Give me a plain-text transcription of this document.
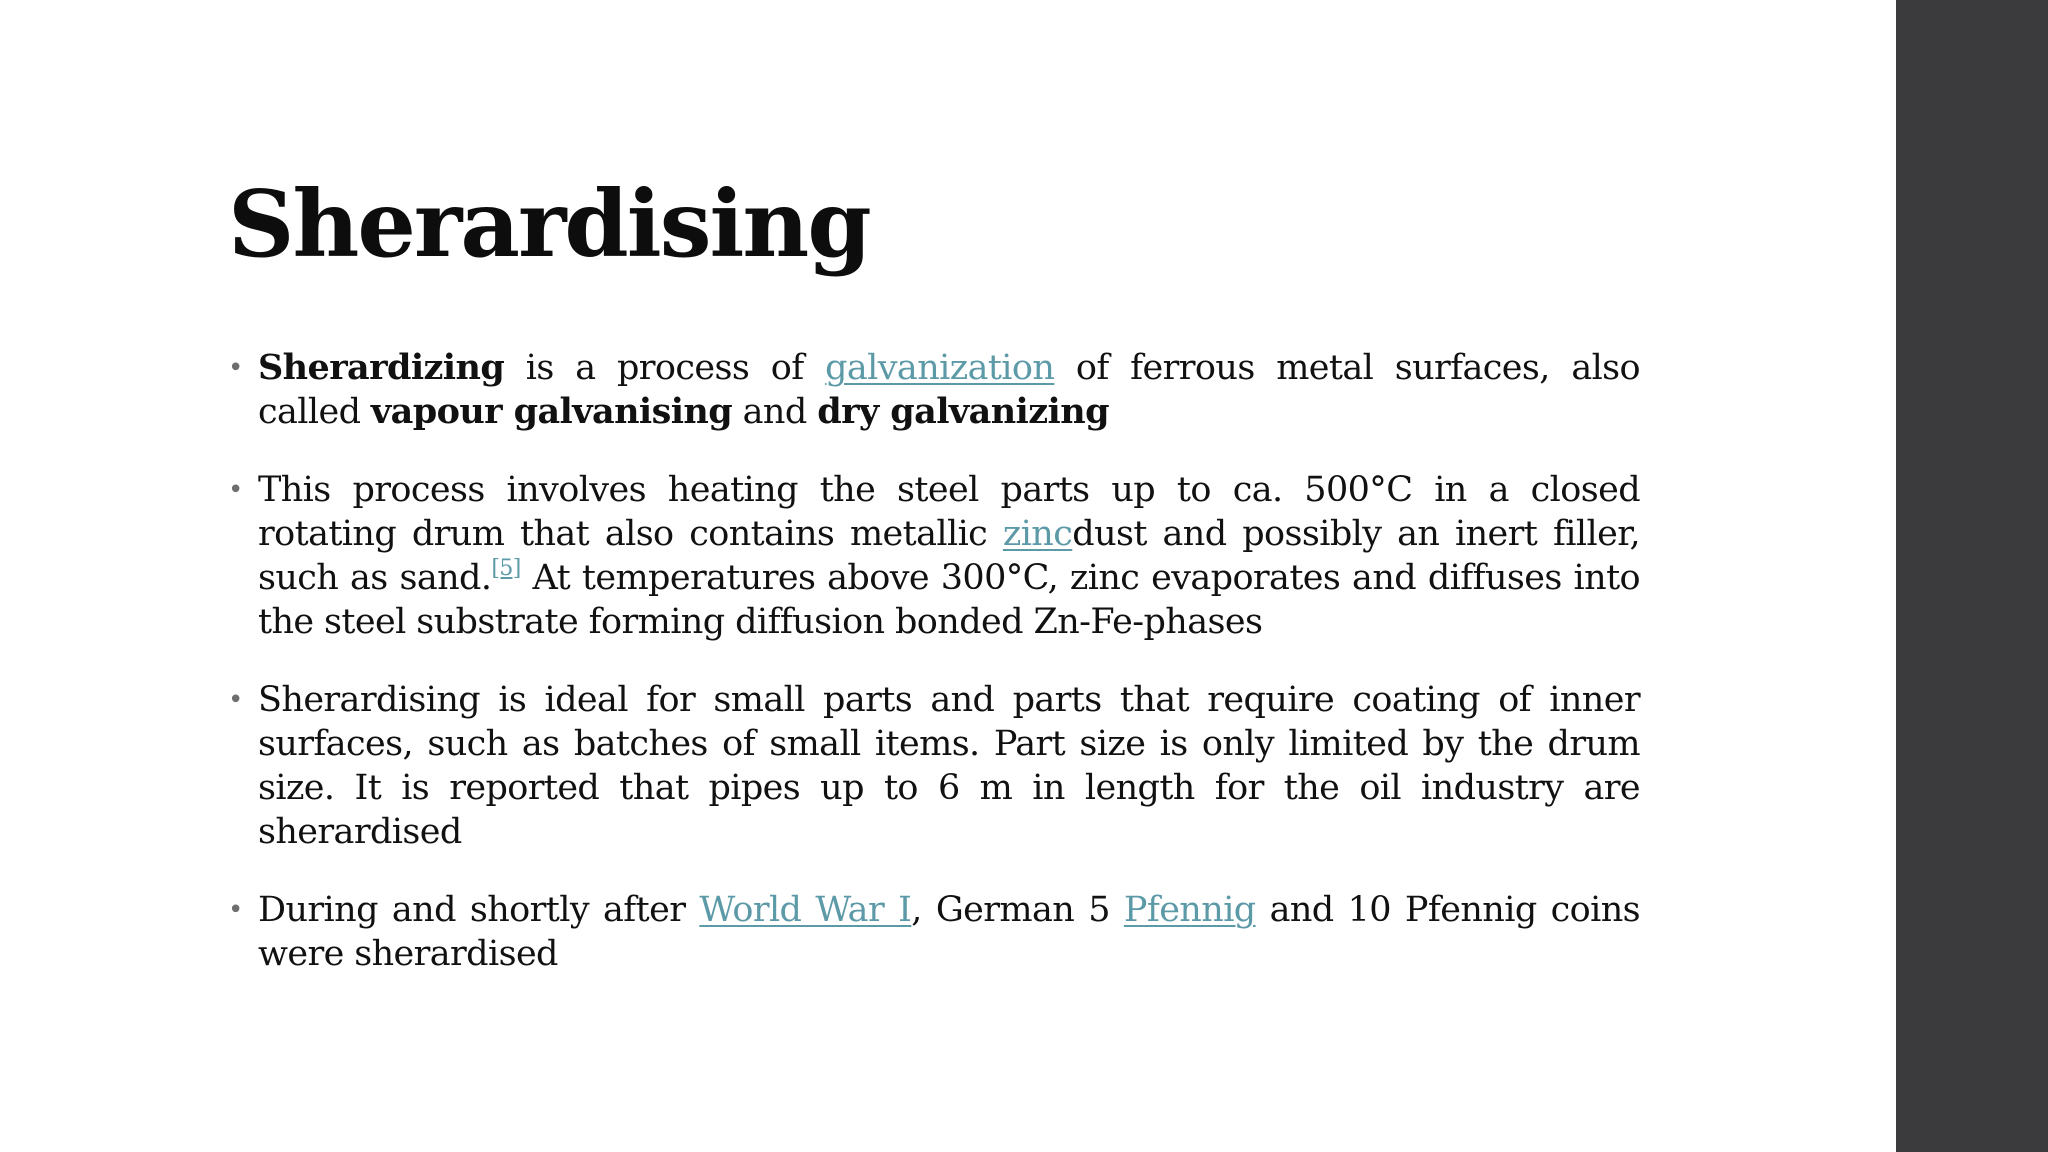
Sherardising
• Sherardizing is a process of galvanization of ferrous metal surfaces, also called vapour galvanising and dry galvanizing
• This process involves heating the steel parts up to ca. 500°C in a closed rotating drum that also contains metallic zincdust and possibly an inert filler, such as sand.[5] At temperatures above 300°C, zinc evaporates and diffuses into the steel substrate forming diffusion bonded Zn-Fe-phases
• Sherardising is ideal for small parts and parts that require coating of inner surfaces, such as batches of small items. Part size is only limited by the drum size. It is reported that pipes up to 6 m in length for the oil industry are sherardised
• During and shortly after World War I, German 5 Pfennig and 10 Pfennig coins were sherardised
